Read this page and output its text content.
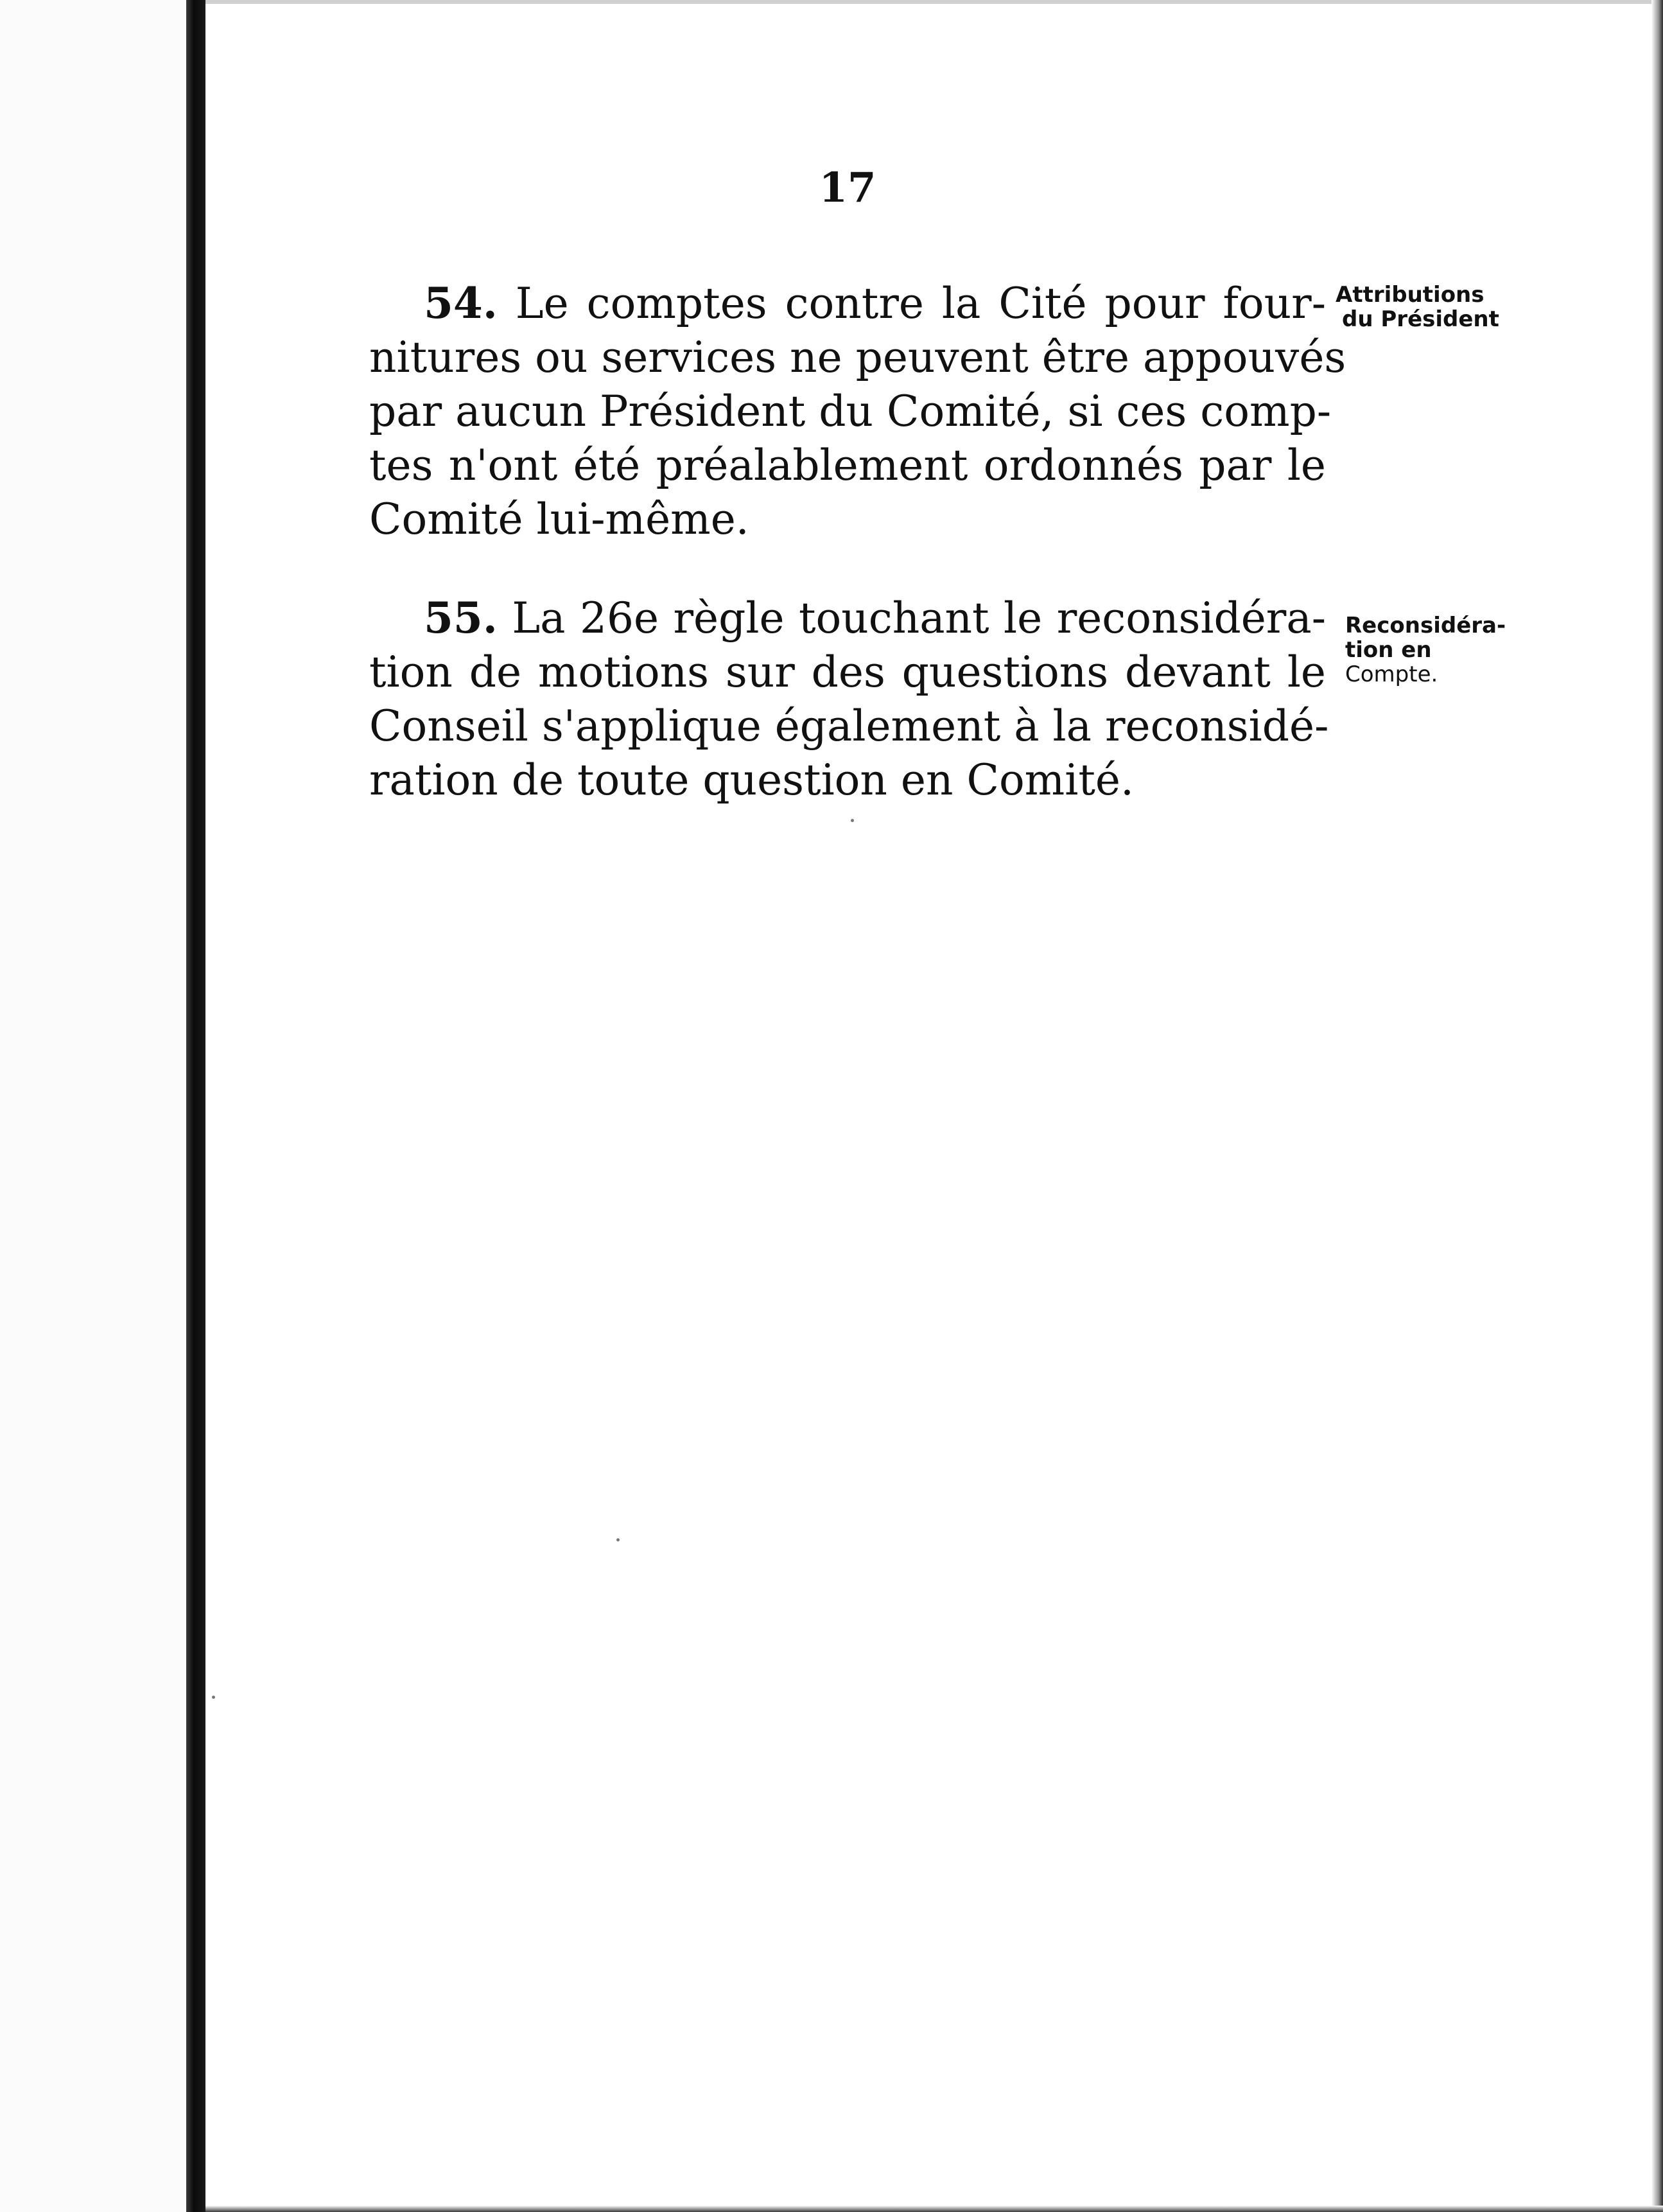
17
54. Le comptes contre la Cité pour four-
nitures ou services ne peuvent être appouvés
par aucun Président du Comité, si ces comp-
tes n'ont été préalablement ordonnés par le
Comité lui-même.
Attributions
du Président
55. La 26e règle touchant le reconsidéra-
tion de motions sur des questions devant le
Conseil s'applique également à la reconsidé-
ration de toute question en Comité.
Reconsidéra-
tion en
Compte.
